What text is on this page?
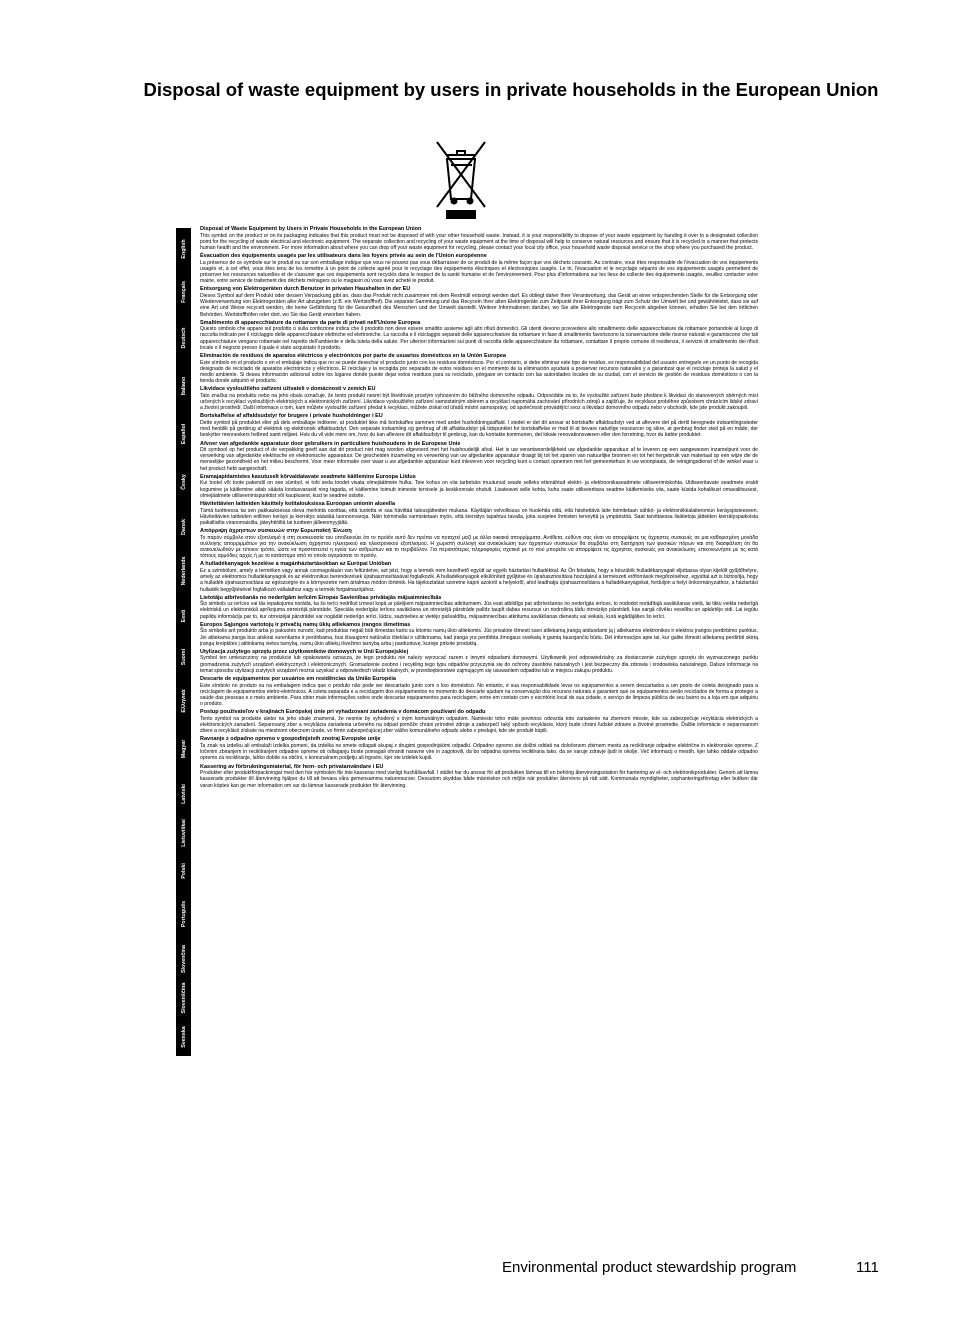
Disposal of waste equipment by users in private households in the European Union
English
Français
Deutsch
Italiano
Español
Česky
Dansk
Nederlands
Eesti
Suomi
Ελληνικά
Magyar
Latviski
Lietuviškai
Polski
Português
Slovenčina
Slovenščina
Svenska
Disposal of Waste Equipment by Users in Private Households in the European Union

This symbol on the product or on its packaging indicates that this product must not be disposed of with your other household waste. Instead, it is your responsibility to dispose of your waste equipment by handing it over to a designated collection point for the recycling of waste electrical and electronic equipment. The separate collection and recycling of your waste equipment at the time of disposal will help to conserve natural resources and ensure that it is recycled in a manner that protects human health and the environment. For more information about where you can drop off your waste equipment for recycling, please contact your local city office, your household waste disposal service or the shop where you purchased the product.

Évacuation des équipements usagés par les utilisateurs dans les foyers privés au sein de l'Union européenne

La présence de ce symbole sur le produit ou sur son emballage indique que vous ne pouvez pas vous débarrasser de ce produit de la même façon que vos déchets courants. Au contraire, vous êtes responsable de l'évacuation de vos équipements usagés et, à cet effet, vous êtes tenu de les remettre à un point de collecte agréé pour le recyclage des équipements électriques et électroniques usagés. Le tri, l'évacuation et le recyclage séparés de vos équipements usagés permettent de préserver les ressources naturelles et de s'assurer que ces équipements sont recyclés dans le respect de la santé humaine et de l'environnement. Pour plus d'informations sur les lieux de collecte des équipements usagés, veuillez contacter votre mairie, votre service de traitement des déchets ménagers ou le magasin où vous avez acheté le produit.

Entsorgung von Elektrogeräten durch Benutzer in privaten Haushalten in der EU

Dieses Symbol auf dem Produkt oder dessen Verpackung gibt an, dass das Produkt nicht zusammen mit dem Restmüll entsorgt werden darf. Es obliegt daher Ihrer Verantwortung, das Gerät an einer entsprechenden Stelle für die Entsorgung oder Wiederverwertung von Elektrogeräten aller Art abzugeben (z.B. ein Wertstoffhof). Die separate Sammlung und das Recyceln Ihrer alten Elektrogeräte zum Zeitpunkt ihrer Entsorgung trägt zum Schutz der Umwelt bei und gewährleistet, dass sie auf eine Art und Weise recycelt werden, die keine Gefährdung für die Gesundheit des Menschen und der Umwelt darstellt. Weitere Informationen darüber, wo Sie alte Elektrogeräte zum Recyceln abgeben können, erhalten Sie bei den örtlichen Behörden, Wertstoffhöfen oder dort, wo Sie das Gerät erworben haben.

Smaltimento di apparecchiature da rottamare da parte di privati nell'Unione Europea

Questo simbolo che appare sul prodotto o sulla confezione indica che il prodotto non deve essere smaltito assieme agli altri rifiuti domestici. Gli utenti devono provvedere allo smaltimento delle apparecchiature da rottamare portandole al luogo di raccolta indicato per il riciclaggio delle apparecchiature elettriche ed elettroniche. La raccolta e il riciclaggio separati delle apparecchiature da rottamare in fase di smaltimento favoriscono la conservazione delle risorse naturali e garantiscono che tali apparecchiature vengano rottamate nel rispetto dell'ambiente e della tutela della salute. Per ulteriori informazioni sui punti di raccolta delle apparecchiature da rottamare, contattare il proprio comune di residenza, il servizio di smaltimento dei rifiuti locale o il negozio presso il quale è stato acquistato il prodotto.

Eliminación de residuos de aparatos eléctricos y electrónicos por parte de usuarios domésticos en la Unión Europea

Este símbolo en el producto o en el embalaje indica que no se puede desechar el producto junto con los residuos domésticos. Por el contrario, si debe eliminar este tipo de residuo, es responsabilidad del usuario entregarlo en un punto de recogida designado de reciclado de aparatos electrónicos y eléctricos. El reciclaje y la recogida por separado de estos residuos en el momento de la eliminación ayudará a preservar recursos naturales y a garantizar que el reciclaje proteja la salud y el medio ambiente. Si desea información adicional sobre los lugares donde puede dejar estos residuos para su reciclado, póngase en contacto con las autoridades locales de su ciudad, con el servicio de gestión de residuos domésticos o con la tienda donde adquirió el producto.

Likvidace vysloužilého zařízení uživateli v domácnosti v zemích EU

Tato značka na produktu nebo na jeho obalu označuje, že tento produkt nesmí být likvidován prostým vyhozením do běžného domovního odpadu. Odpovídáte za to, že vysloužilé zařízení bude předáno k likvidaci do stanovených sběrných míst určených k recyklaci vysloužilých elektrických a elektronických zařízení. Likvidace vysloužilého zařízení samostatným sběrem a recyklací napomáhá zachování přírodních zdrojů a zajišťuje, že recyklace proběhne způsobem chránícím lidské zdraví a životní prostředí. Další informace o tom, kam můžete vysloužilé zařízení předat k recyklaci, můžete získat od úřadů místní samosprávy, od společnosti provádějící svoz a likvidaci domovního odpadu nebo v obchodě, kde jste produkt zakoupili.

Bortskaffelse af affaldsudstyr for brugere i private husholdninger i EU

Dette symbol på produktet eller på dets emballage indikerer, at produktet ikke må bortskaffes sammen med andet husholdningsaffald. I stedet er det dit ansvar at bortskaffe affaldsudstyr ved at aflevere det på dertil beregnede indsamlingssteder med henblik på genbrug af elektrisk og elektronisk affaldsudstyr. Den separate indsamling og genbrug af dit affaldsudstyr på tidspunktet for bortskaffelse er med til at bevare naturlige ressourcer og sikre, at genbrug finder sted på en måde, der beskytter menneskers helbred samt miljøet. Hvis du vil vide mere om, hvor du kan aflevere dit affaldsudstyr til genbrug, kan du kontakte kommunen, det lokale renovationsvæsen eller den forretning, hvor du købte produktet.

Afvoer van afgedankte apparatuur door gebruikers in particuliere huishoudens in de Europese Unie

Dit symbool op het product of de verpakking geeft aan dat dit product niet mag worden afgevoerd met het huishoudelijk afval. Het is uw verantwoordelijkheid uw afgedankte apparatuur af te leveren op een aangewezen inzamelpunt voor de verwerking van afgedankte elektrische en elektronische apparatuur. De gescheiden inzameling en verwerking van uw afgedankte apparatuur draagt bij tot het sparen van natuurlijke bronnen en tot het hergebruik van materiaal op een wijze die de menselijke gezondheid en het milieu beschermt. Voor meer informatie over waar u uw afgedankte apparatuur kunt inleveren voor recycling kunt u contact opnemen met het gemeentehuis in uw woonplaats, de reinigingsdienst of de winkel waar u het product hebt aangeschaft.

Eramajapidamistes kasutuselt kõrvaldatavate seadmete käitlemine Euroopa Liidus

Kui tootel või toote pakendil on see sümbol, ei tohi seda toodet visata olmejäätmete hulka. Teie kohus on viia tarbetuks muutunud seade selleks ettenähtud elektri- ja elektroonikaseadmete utiliseerimiskohta. Utiliseeritavate seadmete eraldi kogumine ja käitlemine aitab säästa loodusvarasid ning tagada, et käitlemine toimub inimeste tervisele ja keskkonnale ohutult. Lisateavet selle kohta, kuhu saate utiliseeritava seadme käitlemiseks viia, saate küsida kohalikust omavalitsusest, olmejäätmete utiliseerimispunktist või kauplusest, kust te seadme ostsite.

Hävitettävien laitteiden käsittely kotitalouksissa Euroopan unionin alueella

Tämä tuotteessa tai sen pakkauksessa oleva merkintä osoittaa, että tuotetta ei saa hävittää talousjätteiden mukana. Käyttäjän velvollisuus on huolehtia siitä, että hävitettävä laite toimitetaan sähkö- ja elektroniikkalaiteromun keräyspisteeseen. Hävitettävien laitteiden erillinen keräys ja kierrätys säästää luonnonvaroja. Näin toimimalla varmistetaan myös, että kierrätys tapahtuu tavalla, joka suojelee ihmisten terveyttä ja ympäristöä. Saat tarvittaessa lisätietoja jätteiden kierrätyspaikoista paikallisilta viranomaisilta, jäteyhtiöiltä tai tuotteen jälleenmyyjältä.

Απόρριψη άχρηστων συσκευών στην Ευρωπαϊκή Ένωση

Το παρόν σύμβολο στον εξοπλισμό ή στη συσκευασία του υποδεικνύει ότι το προϊόν αυτό δεν πρέπει να πεταχτεί μαζί με άλλα οικιακά απορρίμματα. Αντίθετα, ευθύνη σας είναι να απορρίψετε τις άχρηστες συσκευές σε μια καθορισμένη μονάδα συλλογής απορριμμάτων για την ανακύκλωση άχρηστου ηλεκτρικού και ηλεκτρονικού εξοπλισμού. Η χωριστή συλλογή και ανακύκλωση των άχρηστων συσκευών θα συμβάλει στη διατήρηση των φυσικών πόρων και στη διασφάλιση ότι θα ανακυκλωθούν με τέτοιον τρόπο, ώστε να προστατευτεί η υγεία των ανθρώπων και το περιβάλλον. Για περισσότερες πληροφορίες σχετικά με το πού μπορείτε να απορρίψετε τις άχρηστες συσκευές για ανακύκλωση, επικοινωνήστε με τις κατά τόπους αρμόδιες αρχές ή με το κατάστημα από το οποίο αγοράσατε το προϊόν.

A hulladékanyagok kezelése a magánháztartásokban az Európai Unióban

Ez a szimbólum, amely a terméken vagy annak csomagolásán van feltüntetve, azt jelzi, hogy a termék nem kezelhető együtt az egyéb háztartási hulladékkal. Az Ön feladata, hogy a készülék hulladékanyagait eljuttassa olyan kijelölt gyűjtőhelyre, amely az elektromos hulladékanyagok és az elektronikus berendezések újrahasznosításával foglalkozik. A hulladékanyagok elkülönített gyűjtése és újrahasznosítása hozzájárul a természeti erőforrások megőrzéséhez, egyúttal azt is biztosítja, hogy a hulladék újrahasznosítása az egészségre és a környezetre nem ártalmas módon történik. Ha tájékoztatást szeretne kapni azokról a helyekről, ahol leadhatja újrahasznosításra a hulladékanyagokat, forduljon a helyi önkormányzathoz, a háztartási hulladék begyűjtésével foglalkozó vállalathoz vagy a termék forgalmazójához.

Lietotāju atbrīvošanās no nederīgām ierīcēm Eiropas Savienības privātajās mājsaimniecībās

Šis simbols uz ierīces vai tās iepakojuma norāda, ka šo ierīci nedrīkst izmest kopā ar pārējiem mājsaimniecības atkritumiem. Jūs esat atbildīgs par atbrīvošanos no nederīgās ierīces, to nododot norādītajā savākšanas vietā, lai tiktu veikta nederīgā elektriskā un elektroniskā aprīkojuma otrreizējā pārstrāde. Speciāla nederīgās ierīces savākšana un otrreizējā pārstrāde palīdz taupīt dabas resursus un nodrošina tādu otrreizējo pārstrādi, kas sargā cilvēku veselību un apkārtējo vidi. Lai iegūtu papildu informāciju par to, kur otrreizējai pārstrādei var nogādāt nederīgo ierīci, lūdzu, sazinieties ar vietējo pašvaldību, mājsaimniecības atkritumu savākšanas dienestu vai veikalu, kurā iegādājāties šo ierīci.

Europos Sąjungos vartotojų ir privačių namų ūkių atliekamos įrangos išmetimas

Šis simbolis ant produkto arba jo pakuotės nurodo, kad produktas negali būti išmestas kartu su kitomis namų ūkio atliekomis. Jūs privalote išmesti savo atliekamą įrangą atiduodami ją į atliekamos elektronikos ir elektros įrangos perdirbimo punktus. Jei atliekama įranga bus atskirai surenkama ir perdirbama, bus išsaugomi natūralūs ištekliai ir užtikrinama, kad įranga yra perdirbta žmogaus sveikatą ir gamtą tausojančiu būdu. Dėl informacijos apie tai, kur galite išmesti atliekamą perdirbti skirtą įrangą kreipkitės į atitinkamą vietos tarnybą, namų ūkio atliekų išvežimo tarnybą arba į parduotuvę, kurioje pirkote produktą.

Utylizacja zużytego sprzętu przez użytkowników domowych w Unii Europejskiej

Symbol ten umieszczony na produkcie lub opakowaniu oznacza, że tego produktu nie należy wyrzucać razem z innymi odpadami domowymi. Użytkownik jest odpowiedzialny za dostarczenie zużytego sprzętu do wyznaczonego punktu gromadzenia zużytych urządzeń elektrycznych i elektronicznych. Gromadzenie osobno i recykling tego typu odpadów przyczynia się do ochrony zasobów naturalnych i jest bezpieczny dla zdrowia i środowiska naturalnego. Dalsze informacje na temat sposobu utylizacji zużytych urządzeń można uzyskać u odpowiednich władz lokalnych, w przedsiębiorstwie zajmującym się usuwaniem odpadów lub w miejscu zakupu produktu.

Descarte de equipamentos por usuários em residências da União Européia

Este símbolo no produto ou na embalagem indica que o produto não pode ser descartado junto com o lixo doméstico. No entanto, é sua responsabilidade levar os equipamentos a serem descartados a um ponto de coleta designado para a reciclagem de equipamentos eletro-eletrônicos. A coleta separada e a reciclagem dos equipamentos no momento do descarte ajudam na conservação dos recursos naturais e garantem que os equipamentos serão reciclados de forma a proteger a saúde das pessoas e o meio ambiente. Para obter mais informações sobre onde descartar equipamentos para reciclagem, entre em contato com o escritório local de sua cidade, o serviço de limpeza pública de seu bairro ou a loja em que adquiriu o produto.

Postup používateľov v krajinách Európskej únie pri vyhadzovaní zariadenia v domácom používaní do odpadu

Tento symbol na produkte alebo na jeho obale znamená, že nesmie by vyhodený s iným komunálnym odpadom. Namiesto toho máte povinnos odovzda toto zariadenie na zbernom mieste, kde sa zabezpečuje recyklácia elektrických a elektronických zariadení. Separovaný zber a recyklácia zariadenia určeného na odpad pomôže chráni prírodné zdroje a zabezpečí taký spôsob recyklácie, ktorý bude chráni ľudské zdravie a životné prostredie. Ďalšie informácie o separovanom zbere a recyklácii získate na miestnom obecnom úrade, vo firme zabezpečujúcej zber vášho komunálneho odpadu alebo v predajni, kde ste produkt kúpili.

Ravnanje z odpadno opremo v gospodinjstvih znotraj Evropske unije

Ta znak na izdelku ali embalaži izdelka pomeni, da izdelka ne smete odlagati skupaj z drugimi gospodinjskimi odpadki. Odpadno opremo ste dolžni oddati na določenem zbirnem mestu za recikliranje odpadne električne in elektronske opreme. Z ločenim zbiranjem in recikliranjem odpadne opreme ob odlaganju boste pomagali ohraniti naravne vire in zagotovili, da bo odpadna oprema reciklirana tako, da se varuje zdravje ljudi in okolje. Več informacij o mestih, kjer lahko oddate odpadno opremo za recikliranje, lahko dobite na občini, v komunalnem podjetju ali trgovini, kjer ste izdelek kupili.

Kassering av förbrukningsmaterial, för hem- och privatanvändare i EU

Produkter eller produktförpackningar med den här symbolen får inte kasseras med vanligt hushållsavfall. I stället har du ansvar för att produkten lämnas till en behörig återvinningsstation för hantering av el- och elektronikprodukter. Genom att lämna kasserade produkter till återvinning hjälper du till att bevara våra gemensamma naturresurser. Dessutom skyddas både människor och miljön när produkter återvinns på rätt sätt. Kommunala myndigheter, sophanteringsföretag eller butiken där varan köptes kan ge mer information om var du lämnar kasserade produkter för återvinning.

Environmental product stewardship program	111
